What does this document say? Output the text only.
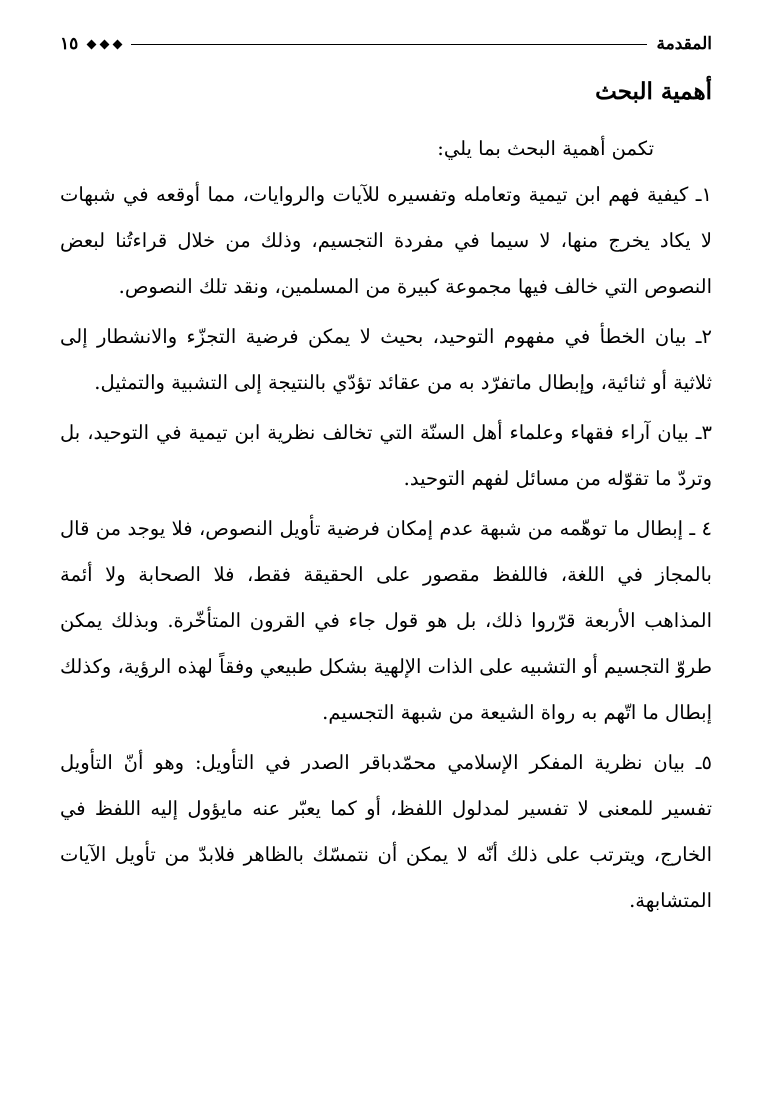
المقدمة
١٥
أهمية البحث

تكمن أهمية البحث بما يلي:

١ـ كيفية فهم ابن تيمية وتعامله وتفسيره للآيات والروايات، مما أوقعه في شبهات لا يكاد يخرج منها، لا سيما في مفردة التجسيم، وذلك من خلال قراءتُنا لبعض النصوص التي خالف فيها مجموعة كبيرة من المسلمين، ونقد تلك النصوص.

٢ـ بيان الخطأ في مفهوم التوحيد، بحيث لا يمكن فرضية التجزّء والانشطار إلى ثلاثية أو ثنائية، وإبطال ماتفرّد به من عقائد تؤدّي بالنتيجة إلى التشبية والتمثيل.

٣ـ بيان آراء فقهاء وعلماء أهل السنّة التي تخالف نظرية ابن تيمية في التوحيد، بل وتردّ ما تقوّله من مسائل لفهم التوحيد.

٤ ـ إبطال ما توهّمه من شبهة عدم إمكان فرضية تأويل النصوص، فلا يوجد من قال بالمجاز في اللغة، فاللفظ مقصور على الحقيقة فقط، فلا الصحابة ولا أئمة المذاهب الأربعة قرّروا ذلك، بل هو قول جاء في القرون المتأخّرة. وبذلك يمكن طروّ التجسيم أو التشبيه على الذات الإلهية بشكل طبيعي وفقاً لهذه الرؤية، وكذلك إبطال ما اتّهم به رواة الشيعة من شبهة التجسيم.

٥ـ بيان نظرية المفكر الإسلامي محمّدباقر الصدر في التأويل: وهو أنّ التأويل تفسير للمعنى لا تفسير لمدلول اللفظ، أو كما يعبّر عنه مايؤول إليه اللفظ في الخارج، ويترتب على ذلك أنّه لا يمكن أن نتمسّك بالظاهر فلابدّ من تأويل الآيات المتشابهة.
